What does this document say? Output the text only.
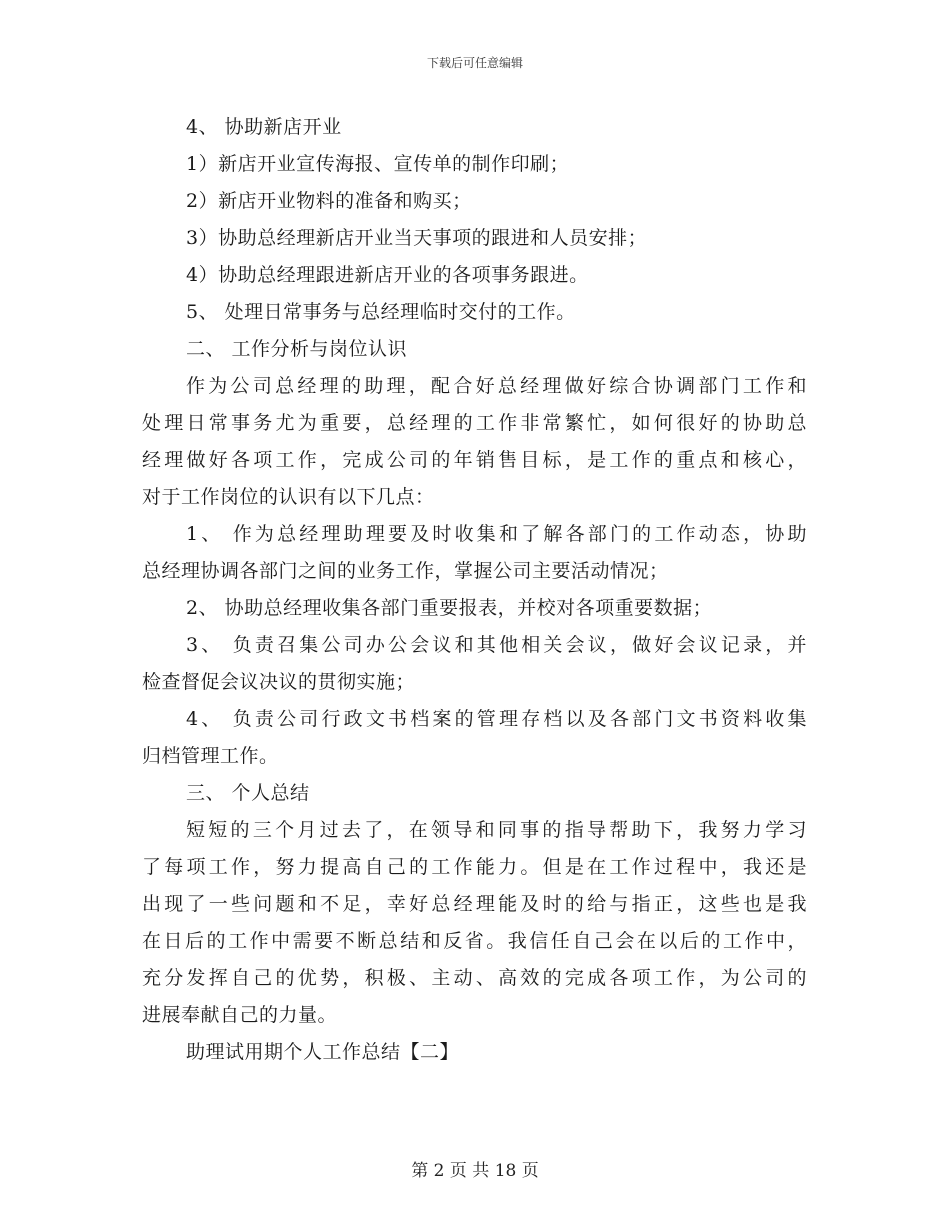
下载后可任意编辑
4、 协助新店开业
1）新店开业宣传海报、宣传单的制作印刷；
2）新店开业物料的准备和购买；
3）协助总经理新店开业当天事项的跟进和人员安排；
4）协助总经理跟进新店开业的各项事务跟进。
5、 处理日常事务与总经理临时交付的工作。
二、 工作分析与岗位认识
作为公司总经理的助理，配合好总经理做好综合协调部门工作和
处理日常事务尤为重要，总经理的工作非常繁忙，如何很好的协助总
经理做好各项工作，完成公司的年销售目标，是工作的重点和核心，
对于工作岗位的认识有以下几点：
1、 作为总经理助理要及时收集和了解各部门的工作动态，协助
总经理协调各部门之间的业务工作，掌握公司主要活动情况；
2、 协助总经理收集各部门重要报表，并校对各项重要数据；
3、 负责召集公司办公会议和其他相关会议，做好会议记录，并
检查督促会议决议的贯彻实施；
4、 负责公司行政文书档案的管理存档以及各部门文书资料收集
归档管理工作。
三、 个人总结
短短的三个月过去了，在领导和同事的指导帮助下，我努力学习
了每项工作，努力提高自己的工作能力。但是在工作过程中，我还是
出现了一些问题和不足，幸好总经理能及时的给与指正，这些也是我
在日后的工作中需要不断总结和反省。我信任自己会在以后的工作中，
充分发挥自己的优势，积极、主动、高效的完成各项工作，为公司的
进展奉献自己的力量。
助理试用期个人工作总结【二】
第 2 页 共 18 页
